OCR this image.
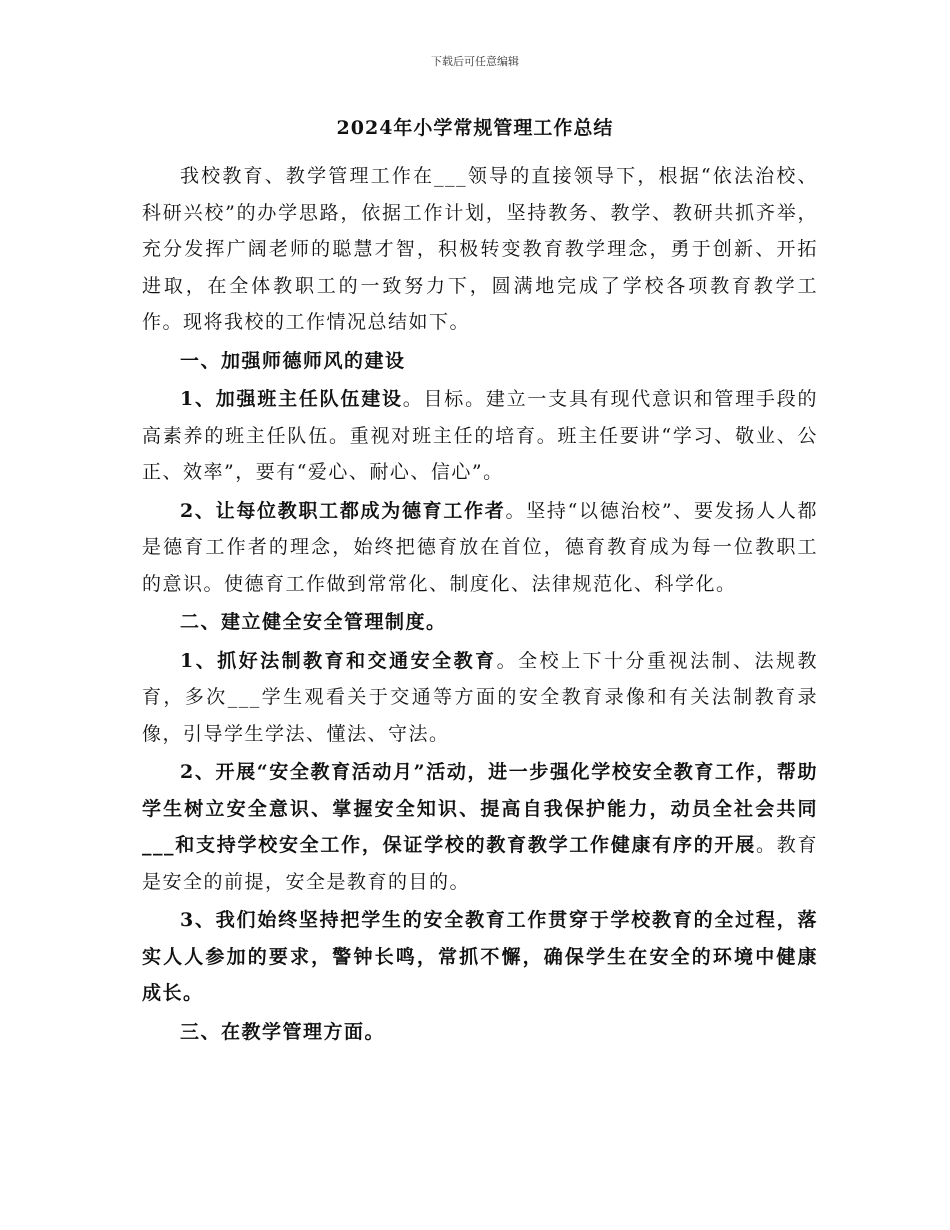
下载后可任意编辑
2024年小学常规管理工作总结

我校教育、教学管理工作在___领导的直接领导下，根据“依法治校、科研兴校”的办学思路，依据工作计划，坚持教务、教学、教研共抓齐举，充分发挥广阔老师的聪慧才智，积极转变教育教学理念，勇于创新、开拓进取，在全体教职工的一致努力下，圆满地完成了学校各项教育教学工作。现将我校的工作情况总结如下。

一、加强师德师风的建设

1、加强班主任队伍建设。目标。建立一支具有现代意识和管理手段的高素养的班主任队伍。重视对班主任的培育。班主任要讲“学习、敬业、公正、效率”，要有“爱心、耐心、信心”。

2、让每位教职工都成为德育工作者。坚持“以德治校”、要发扬人人都是德育工作者的理念，始终把德育放在首位，德育教育成为每一位教职工的意识。使德育工作做到常常化、制度化、法律规范化、科学化。

二、建立健全安全管理制度。

1、抓好法制教育和交通安全教育。全校上下十分重视法制、法规教育，多次___学生观看关于交通等方面的安全教育录像和有关法制教育录像，引导学生学法、懂法、守法。

2、开展“安全教育活动月”活动，进一步强化学校安全教育工作，帮助学生树立安全意识、掌握安全知识、提高自我保护能力，动员全社会共同___和支持学校安全工作，保证学校的教育教学工作健康有序的开展。教育是安全的前提，安全是教育的目的。

3、我们始终坚持把学生的安全教育工作贯穿于学校教育的全过程，落实人人参加的要求，警钟长鸣，常抓不懈，确保学生在安全的环境中健康成长。

三、在教学管理方面。
